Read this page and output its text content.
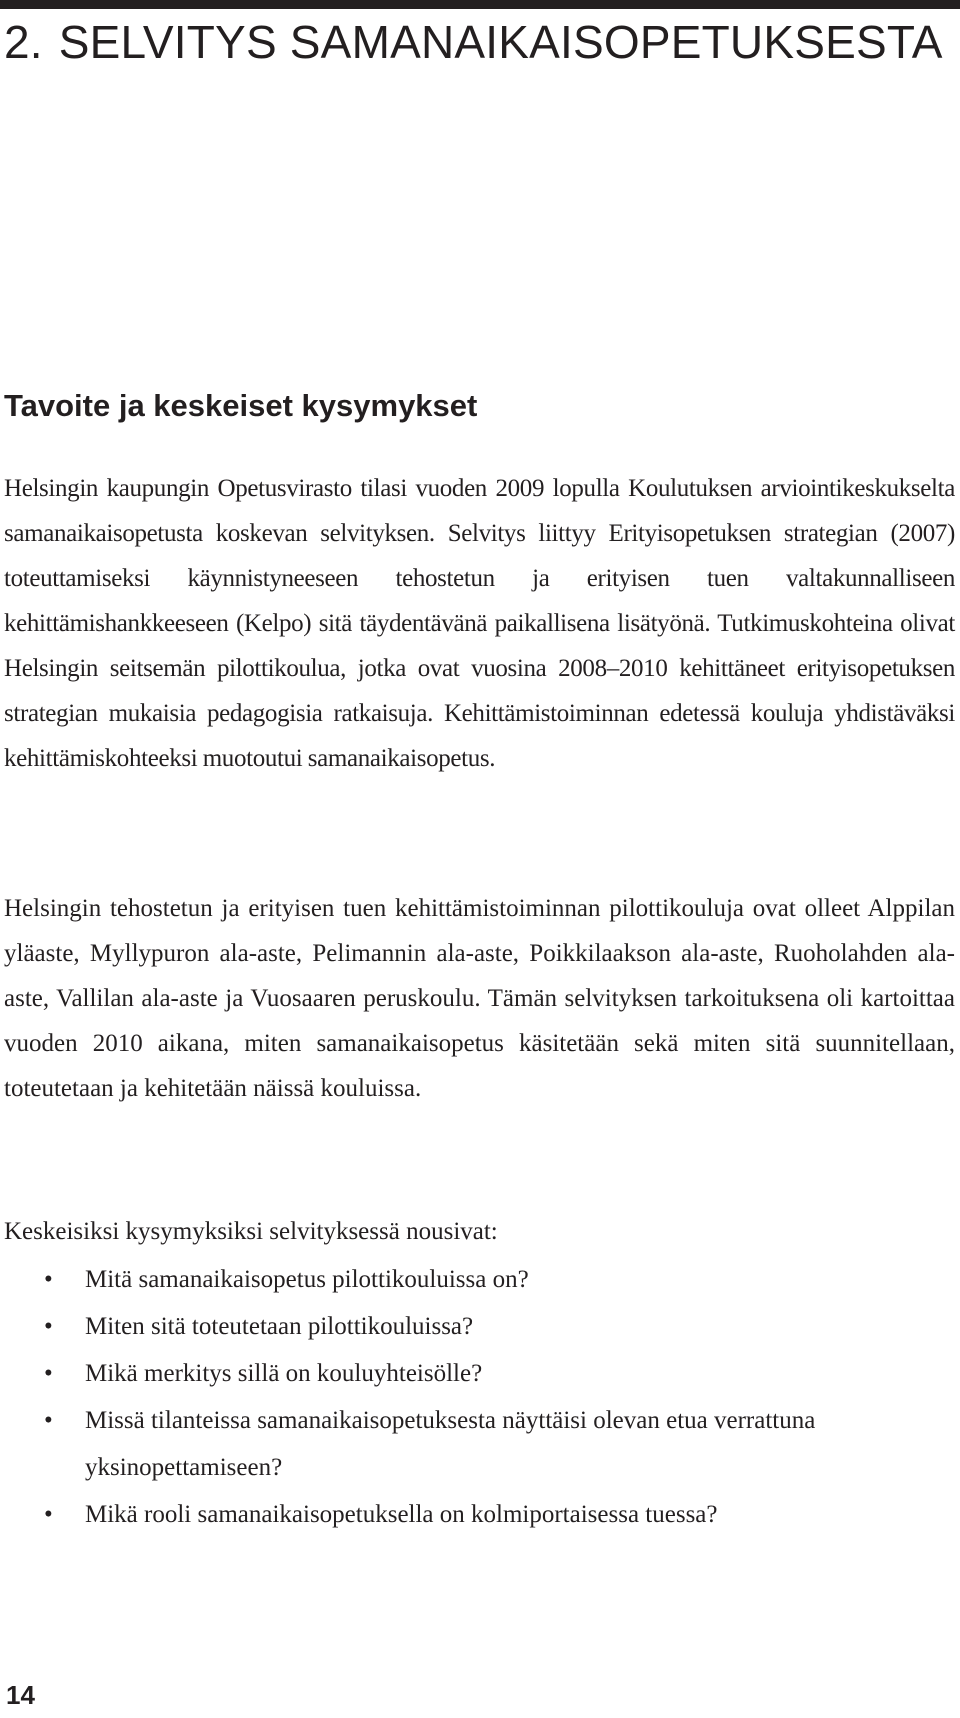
2. SELVITYS SAMANAIKAISOPETUKSESTA
Tavoite ja keskeiset kysymykset

Helsingin kaupungin Opetusvirasto tilasi vuoden 2009 lopulla Koulutuksen arviointikeskukselta samanaikaisopetusta koskevan selvityksen. Selvitys liittyy Erityisopetuksen strategian (2007) toteuttamiseksi käynnistyneeseen tehostetun ja erityisen tuen valtakunnalliseen kehittämishankkeeseen (Kelpo) sitä täydentävänä paikallisena lisätyönä. Tutkimuskohteina olivat Helsingin seitsemän pilottikoulua, jotka ovat vuosina 2008–2010 kehittäneet erityisopetuksen strategian mukaisia pedagogisia ratkaisuja. Kehittämistoiminnan edetessä kouluja yhdistäväksi kehittämiskohteeksi muotoutui samanaikaisopetus.

Helsingin tehostetun ja erityisen tuen kehittämistoiminnan pilottikouluja ovat olleet Alppilan yläaste, Myllypuron ala-aste, Pelimannin ala-aste, Poikkilaakson ala-aste, Ruoholahden ala-aste, Vallilan ala-aste ja Vuosaaren peruskoulu. Tämän selvityksen tarkoituksena oli kartoittaa vuoden 2010 aikana, miten samanaikaisopetus käsitetään sekä miten sitä suunnitellaan, toteutetaan ja kehitetään näissä kouluissa.

Keskeisiksi kysymyksiksi selvityksessä nousivat:

• Mitä samanaikaisopetus pilottikouluissa on?
• Miten sitä toteutetaan pilottikouluissa?
• Mikä merkitys sillä on kouluyhteisölle?
• Missä tilanteissa samanaikaisopetuksesta näyttäisi olevan etua verrattuna yksinopettamiseen?
• Mikä rooli samanaikaisopetuksella on kolmiportaisessa tuessa?

14
